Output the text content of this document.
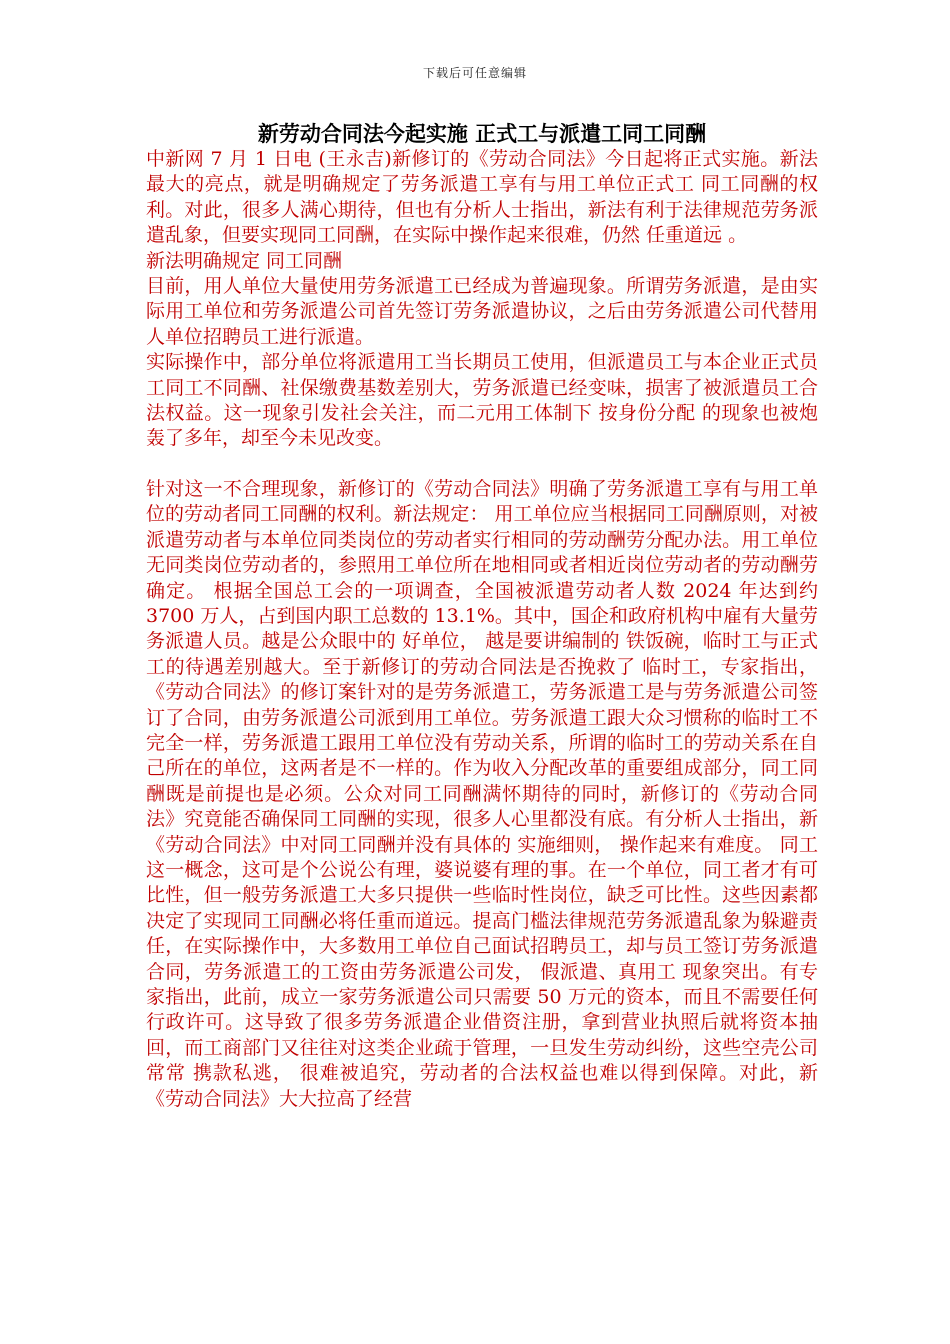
下载后可任意编辑
新劳动合同法今起实施 正式工与派遣工同工同酬

中新网 7 月 1 日电 (王永吉)新修订的《劳动合同法》今日起将正式实施。新法最大的亮点，就是明确规定了劳务派遣工享有与用工单位正式工 同工同酬的权利。对此，很多人满心期待，但也有分析人士指出，新法有利于法律规范劳务派遣乱象，但要实现同工同酬，在实际中操作起来很难，仍然 任重道远 。

新法明确规定 同工同酬

目前，用人单位大量使用劳务派遣工已经成为普遍现象。所谓劳务派遣，是由实际用工单位和劳务派遣公司首先签订劳务派遣协议，之后由劳务派遣公司代替用人单位招聘员工进行派遣。

实际操作中，部分单位将派遣用工当长期员工使用，但派遣员工与本企业正式员工同工不同酬、社保缴费基数差别大，劳务派遣已经变味，损害了被派遣员工合法权益。这一现象引发社会关注，而二元用工体制下 按身份分配 的现象也被炮轰了多年，却至今未见改变。

针对这一不合理现象，新修订的《劳动合同法》明确了劳务派遣工享有与用工单位的劳动者同工同酬的权利。新法规定： 用工单位应当根据同工同酬原则，对被派遣劳动者与本单位同类岗位的劳动者实行相同的劳动酬劳分配办法。用工单位无同类岗位劳动者的，参照用工单位所在地相同或者相近岗位劳动者的劳动酬劳确定。 根据全国总工会的一项调查，全国被派遣劳动者人数 2024 年达到约 3700 万人，占到国内职工总数的 13.1%。其中，国企和政府机构中雇有大量劳务派遣人员。越是公众眼中的 好单位， 越是要讲编制的 铁饭碗，临时工与正式工的待遇差别越大。至于新修订的劳动合同法是否挽救了 临时工，专家指出，《劳动合同法》的修订案针对的是劳务派遣工，劳务派遣工是与劳务派遣公司签订了合同，由劳务派遣公司派到用工单位。劳务派遣工跟大众习惯称的临时工不完全一样，劳务派遣工跟用工单位没有劳动关系，所谓的临时工的劳动关系在自己所在的单位，这两者是不一样的。作为收入分配改革的重要组成部分，同工同酬既是前提也是必须。公众对同工同酬满怀期待的同时，新修订的《劳动合同法》究竟能否确保同工同酬的实现，很多人心里都没有底。有分析人士指出，新《劳动合同法》中对同工同酬并没有具体的 实施细则， 操作起来有难度。 同工 这一概念，这可是个公说公有理，婆说婆有理的事。在一个单位，同工者才有可比性，但一般劳务派遣工大多只提供一些临时性岗位，缺乏可比性。这些因素都决定了实现同工同酬必将任重而道远。提高门槛法律规范劳务派遣乱象为躲避责任，在实际操作中，大多数用工单位自己面试招聘员工，却与员工签订劳务派遣合同，劳务派遣工的工资由劳务派遣公司发， 假派遣、真用工 现象突出。有专家指出，此前，成立一家劳务派遣公司只需要 50 万元的资本，而且不需要任何行政许可。这导致了很多劳务派遣企业借资注册，拿到营业执照后就将资本抽回，而工商部门又往往对这类企业疏于管理，一旦发生劳动纠纷，这些空壳公司常常 携款私逃， 很难被追究，劳动者的合法权益也难以得到保障。对此，新《劳动合同法》大大拉高了经营
